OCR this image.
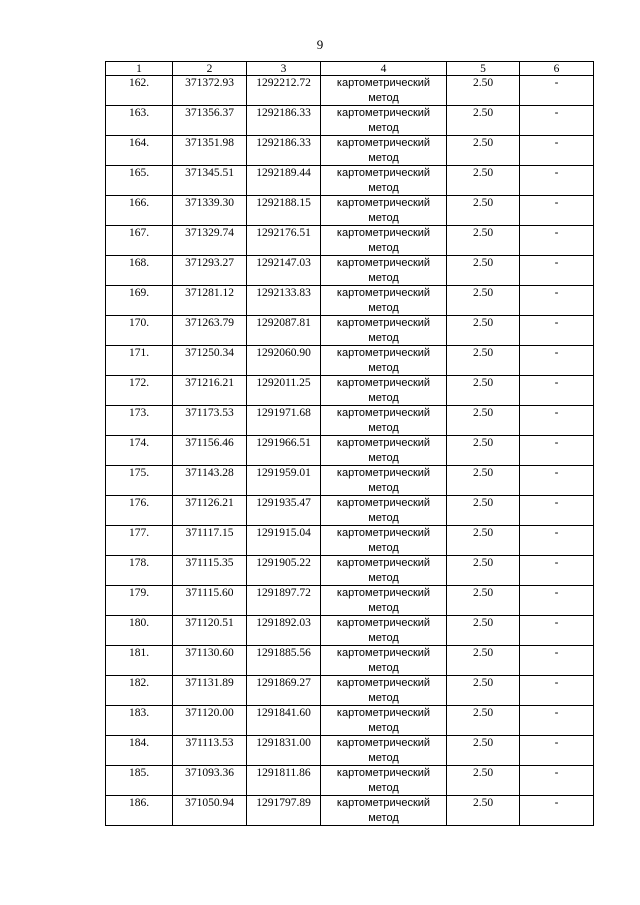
9
1	2	3	4	5	6
162.	371372.93	1292212.72	картометрический метод	2.50	-
163.	371356.37	1292186.33	картометрический метод	2.50	-
164.	371351.98	1292186.33	картометрический метод	2.50	-
165.	371345.51	1292189.44	картометрический метод	2.50	-
166.	371339.30	1292188.15	картометрический метод	2.50	-
167.	371329.74	1292176.51	картометрический метод	2.50	-
168.	371293.27	1292147.03	картометрический метод	2.50	-
169.	371281.12	1292133.83	картометрический метод	2.50	-
170.	371263.79	1292087.81	картометрический метод	2.50	-
171.	371250.34	1292060.90	картометрический метод	2.50	-
172.	371216.21	1292011.25	картометрический метод	2.50	-
173.	371173.53	1291971.68	картометрический метод	2.50	-
174.	371156.46	1291966.51	картометрический метод	2.50	-
175.	371143.28	1291959.01	картометрический метод	2.50	-
176.	371126.21	1291935.47	картометрический метод	2.50	-
177.	371117.15	1291915.04	картометрический метод	2.50	-
178.	371115.35	1291905.22	картометрический метод	2.50	-
179.	371115.60	1291897.72	картометрический метод	2.50	-
180.	371120.51	1291892.03	картометрический метод	2.50	-
181.	371130.60	1291885.56	картометрический метод	2.50	-
182.	371131.89	1291869.27	картометрический метод	2.50	-
183.	371120.00	1291841.60	картометрический метод	2.50	-
184.	371113.53	1291831.00	картометрический метод	2.50	-
185.	371093.36	1291811.86	картометрический метод	2.50	-
186.	371050.94	1291797.89	картометрический метод	2.50	-
